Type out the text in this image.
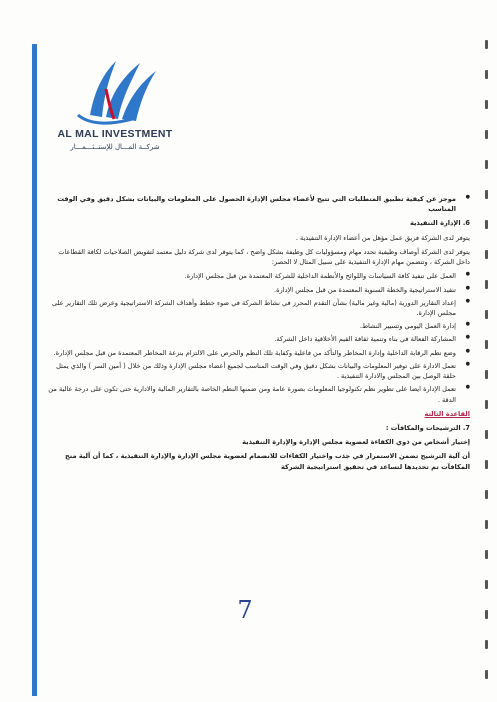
AL MAL INVESTMENT
شركــة المـــال للإستــثـــمـــار

● موجز عن كيفية تطبيق المتطلبات التي تتيح لأعضاء مجلس الإدارة الحصول على المعلومات والبيانات بشكل دقيق وفي الوقت المناسب

6. الإدارة التنفيذية

يتوفر لدى الشركة فريق عمل مؤهل من أعضاء الإدارة التنفيذية .

يتوفر لدى الشركة أوصاف وظيفية تحدد مهام ومسؤوليات كل وظيفة بشكل واضح ، كما يتوفر لدى شركة دليل معتمد لتفويض الصلاحيات لكافة القطاعات داخل الشركة ، وتتضمن مهام الإدارة التنفيذية على سبيل المثال لا الحصر:

● العمل على تنفيذ كافة السياسات واللوائح والأنظمة الداخلية للشركة المعتمدة من قبل مجلس الإدارة.
● تنفيذ الاستراتيجية والخطة السنوية المعتمدة من قبل مجلس الإدارة.
● إعداد التقارير الدورية (مالية وغير مالية) بشأن التقدم المحرز في نشاط الشركة في ضوء خطط وأهداف الشركة الاستراتيجية وعرض تلك التقارير على مجلس الإدارة.
● إدارة العمل اليومي وتسيير النشاط.
● المشاركة الفعالة في بناء وتنمية ثقافة القيم الأخلاقية داخل الشركة.
● وضع نظم الرقابة الداخلية وإدارة المخاطر والتأكد من فاعلية وكفاية تلك النظم والحرص على الالتزام بنزعة المخاطر المعتمدة من قبل مجلس الإدارة.
● تعمل الادارة على توفير المعلومات والبيانات بشكل دقيق وفي الوقت المناسب لجميع أعضاء مجلس الإدارة وذلك من خلال ( أمين السر ) والذي يمثل حلقة الوصل بين المجلس والادارة التنفيذية .
● تعمل الإدارة ايضا على تطوير نظم تكنولوجيا المعلومات بصورة عامة ومن ضمنها النظم الخاصة بالتقارير المالية والادارية حتى تكون على درجة عالية من الدقة .

القاعدة الثالثة

7. الترشيحات والمكافآت :

إختيار أشخاص من ذوي الكفاءة لعضوية مجلس الإدارة والإدارة التنفيذية

أن آلية الترشيح تضمن الاستمرار في جذب واختيار الكفاءات للانضمام لعضوية مجلس الإدارة والإدارة التنفيذية ، كما أن آلية منح المكافآت تم تحديدها لتساعد في تحقيق استراتيجية الشركة

7
